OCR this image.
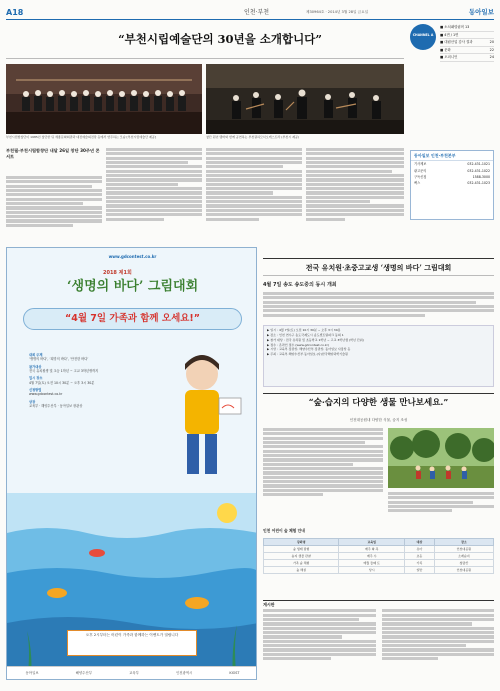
A18	인천·부천	제30964호 · 2014년 3월 28일 금요일	동아일보
“부천시립예술단의 30년을 소개합니다”
부천시립합창단이 1985년 창단한 뒤 세종문화회관과 대전예술의전당 등에서 연주하는 모습 [부천시립예술단 제공]	창단 원년 멤버와 함께 공연하는 부천필하모닉오케스트라 (부천시 제공)
부천필-부천시립합창단 내달 26일 창단 30주년 콘서트
CHANNEL A
■ 소치패럴림픽 13
■ 4면 / 1면
■ 대림산업 감사 결과	20
■ 문화	22
■ 오피니언	24
동아일보 인천·부천본부
기사제보	032-431-1021
광고문의	032-431-1022
구독신청	1588-3000
팩스	032-431-1023
www.gdcontest.co.kr
2018 제1회
‘생명의 바다’ 그림대회
“4월 7일 가족과 함께 오세요!”
대회 주제
‘생명의 바다’, ‘희망의 바다’, ‘안전한 바다’
참가대상
전국 유치원생 및 초등 1학년 ~ 고교 3학년생까지
일시 장소
4월 7일(토) 오전 10시 30분 ~ 오후 3시 30분
신청방법
www.gdcontest.co.kr
상장
교육부 · 해양수산부 · 동아일보 장관상
오후 2시부터는 어린이 가족과 함께하는 이벤트가 열립니다
동아일보	해양수산부	교육부	인천광역시	KIOST
전국 유치원·초중고교생 ‘생명의 바다’ 그림대회
4월 7일 송도 송도중의 동시 개최
▶ 일시 : 4월 7일(토) 오전 10시 30분 ~ 오후 3시 30분
▶ 장소 : 인천 연수구 송도국제도시 송도센트럴파크 동의 1
▶ 참가 대상 : 전국 유치원 및 초등학교 1학년 ~ 고교 3학년생 (학년 단위)
▶ 접수 : 온라인 접수 (www.gdcontest.co.kr)
▶ 시상 : 교육부 장관상, 해양수산부 장관상, 동아일보 사장상 등
▶ 주최 : 교육부·해양수산부·동아일보·(사)한국해양과학기술원
“숲·습지의 다양한 생물 만나보세요.”
인천대공원내 다양한 식물, 습지 조성
인천 어린이 숲 체험 안내
강좌명	교육일	대상	장소
숲 생태 탐험	매주 화·목	유아	인천대공원
습지 생물 관찰	매주 수	초등	소래습지
가족 숲 체험	매월 둘째 토	가족	청량산
숲 해설	상시	일반	인천대공원
게시판
